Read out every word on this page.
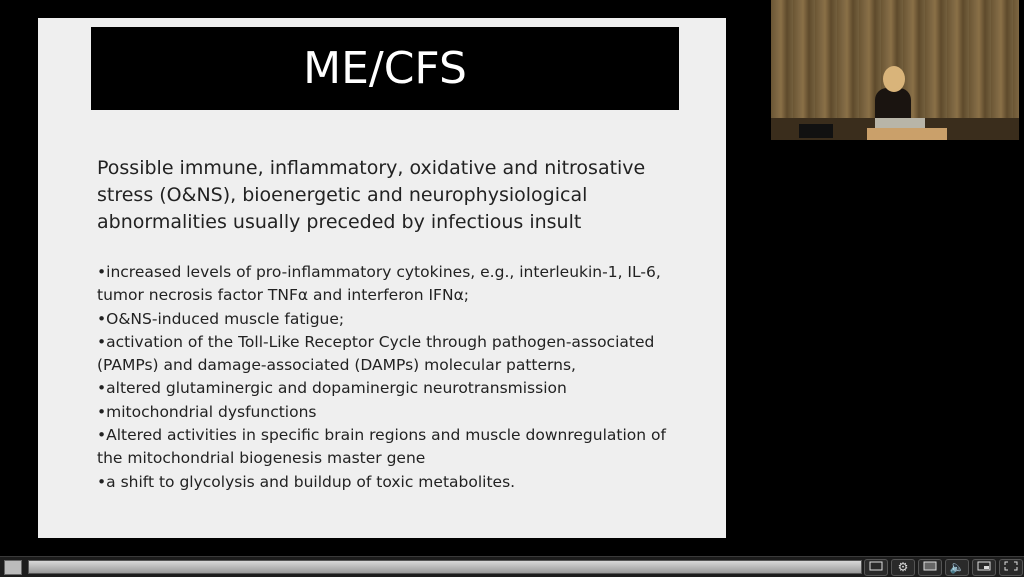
ME/CFS
Possible immune, inflammatory, oxidative and nitrosative
stress (O&NS), bioenergetic and neurophysiological
abnormalities usually preceded by infectious insult
•increased levels of pro-inflammatory cytokines, e.g., interleukin-1, IL-6,
tumor necrosis factor TNFα and interferon IFNα;
•O&NS-induced muscle fatigue;
•activation of the Toll-Like Receptor Cycle through pathogen-associated
(PAMPs) and damage-associated (DAMPs) molecular patterns,
•altered glutaminergic and dopaminergic neurotransmission
•mitochondrial dysfunctions
•Altered activities in specific brain regions and muscle downregulation of
the mitochondrial biogenesis master gene
•a shift to glycolysis and buildup of toxic metabolites.
⚙	🔈
